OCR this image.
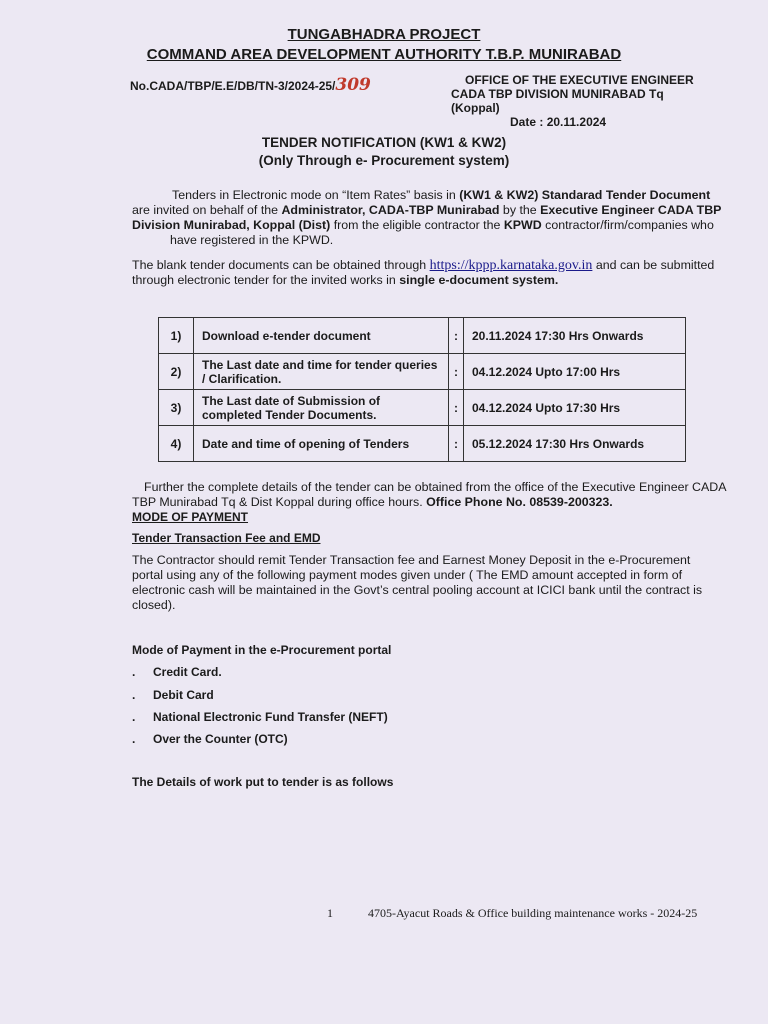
TUNGABHADRA PROJECT
COMMAND AREA DEVELOPMENT AUTHORITY T.B.P. MUNIRABAD
No.CADA/TBP/E.E/DB/TN-3/2024-25/309	OFFICE OF THE EXECUTIVE ENGINEER
CADA TBP DIVISION MUNIRABAD Tq (Koppal)
Date : 20.11.2024
TENDER NOTIFICATION (KW1 & KW2)
(Only Through e- Procurement system)
Tenders in Electronic mode on “Item Rates” basis in (KW1 & KW2) Standarad Tender Document
are invited on behalf of the Administrator, CADA-TBP Munirabad by the Executive Engineer CADA TBP
Division Munirabad, Koppal (Dist) from the eligible contractor the KPWD contractor/firm/companies who
have registered in the KPWD.
The blank tender documents can be obtained through https://kppp.karnataka.gov.in and can be submitted
through electronic tender for the invited works in single e-document system.
1)	Download e-tender document	:	20.11.2024 17:30 Hrs Onwards
2)	The Last date and time for tender queries / Clarification.	:	04.12.2024 Upto 17:00 Hrs
3)	The Last date of Submission of completed Tender Documents.	:	04.12.2024 Upto 17:30 Hrs
4)	Date and time of opening of Tenders	:	05.12.2024 17:30 Hrs Onwards
Further the complete details of the tender can be obtained from the office of the Executive Engineer CADA
TBP Munirabad Tq & Dist Koppal during office hours. Office Phone No. 08539-200323.
MODE OF PAYMENT
Tender Transaction Fee and EMD
The Contractor should remit Tender Transaction fee and Earnest Money Deposit in the e-Procurement
portal using any of the following payment modes given under ( The EMD amount accepted in form of
electronic cash will be maintained in the Govt’s central pooling account at ICICI bank until the contract is
closed).
Mode of Payment in the e-Procurement portal
. Credit Card.
. Debit Card
. National Electronic Fund Transfer (NEFT)
. Over the Counter (OTC)
The Details of work put to tender is as follows
1	4705-Ayacut Roads & Office building maintenance works - 2024-25
